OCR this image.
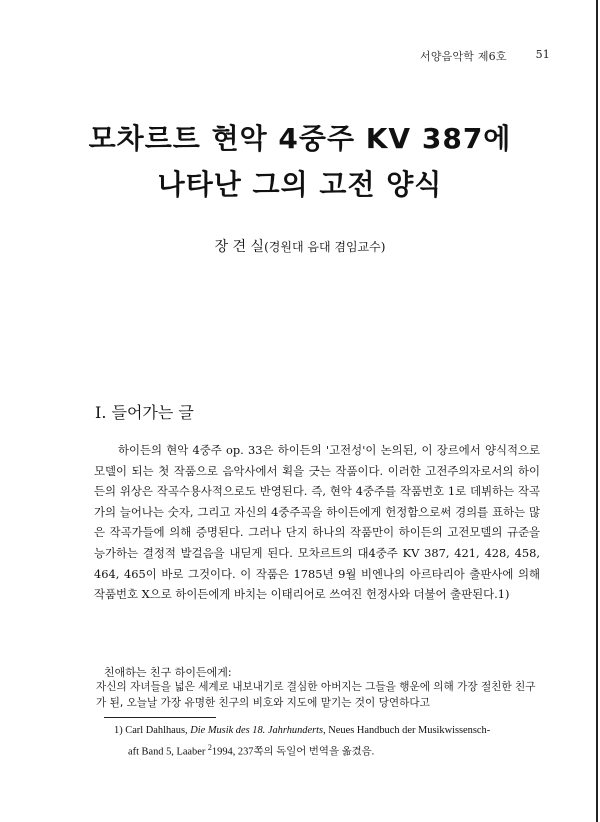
서양음악학 제6호	51
모차르트 현악 4중주 KV 387에
나타난 그의 고전 양식
장 견 실(경원대 음대 겸임교수)
I. 들어가는 글

하이든의 현악 4중주 op. 33은 하이든의 '고전성'이 논의된, 이 장르에서 양식적으로 모델이 되는 첫 작품으로 음악사에서 획을 긋는 작품이다. 이러한 고전주의자로서의 하이든의 위상은 작곡수용사적으로도 반영된다. 즉, 현악 4중주를 작품번호 1로 데뷔하는 작곡가의 늘어나는 숫자, 그리고 자신의 4중주곡을 하이든에게 헌정함으로써 경의를 표하는 많은 작곡가들에 의해 증명된다. 그러나 단지 하나의 작품만이 하이든의 고전모델의 규준을 능가하는 결정적 발걸음을 내딛게 된다. 모차르트의 대4중주 KV 387, 421, 428, 458, 464, 465이 바로 그것이다. 이 작품은 1785년 9월 비엔나의 아르타리아 출판사에 의해 작품번호 X으로 하이든에게 바치는 이태리어로 쓰여진 헌정사와 더불어 출판된다.1)

친애하는 친구 하이든에게:

자신의 자녀들을 넓은 세계로 내보내기로 결심한 아버지는 그들을 행운에 의해 가장 절친한 친구가 된, 오늘날 가장 유명한 친구의 비호와 지도에 맡기는 것이 당연하다고

1) Carl Dahlhaus, Die Musik des 18. Jahrhunderts, Neues Handbuch der Musikwissensch-
aft Band 5, Laaber $^2$1994, 237쪽의 독일어 번역을 옮겼음.
